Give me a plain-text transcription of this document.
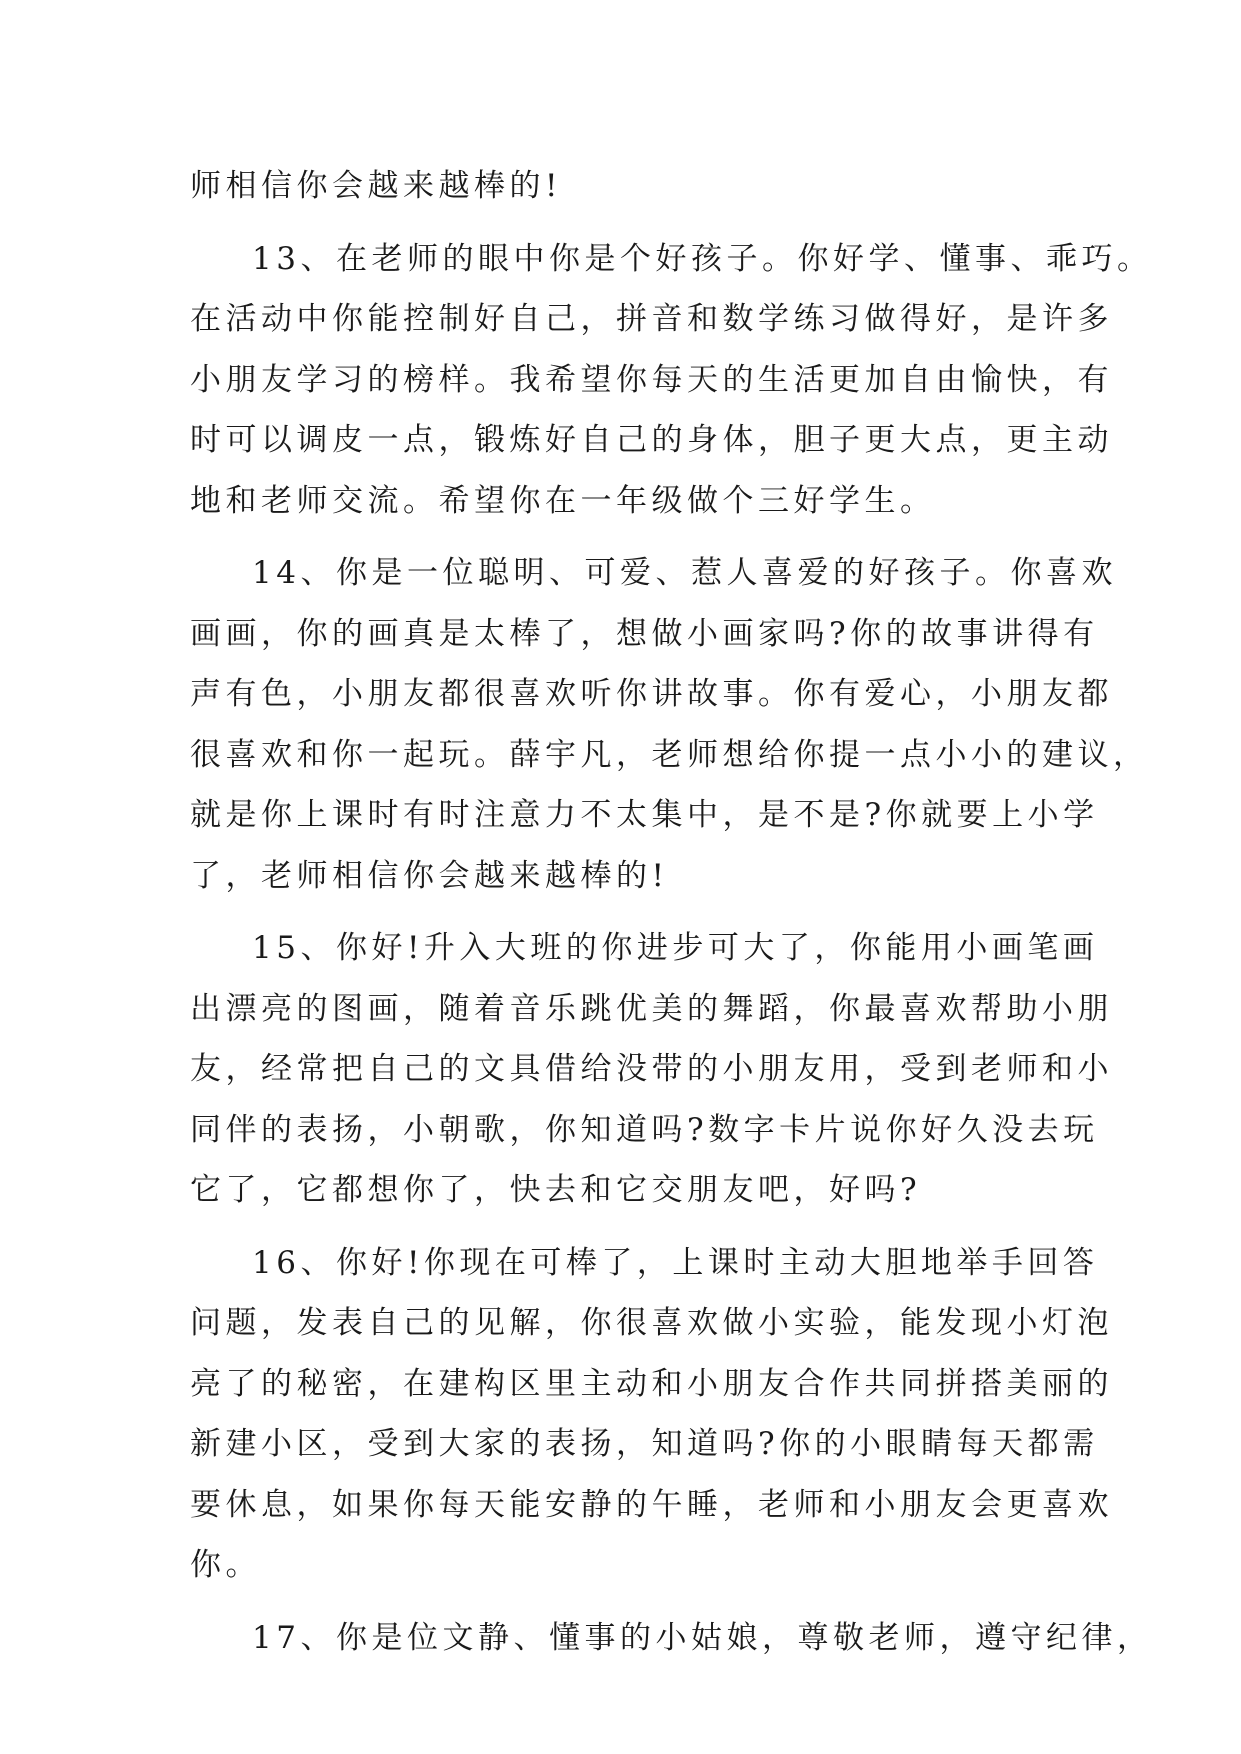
师相信你会越来越棒的!
13、在老师的眼中你是个好孩子。你好学、懂事、乖巧。
在活动中你能控制好自己，拼音和数学练习做得好，是许多
小朋友学习的榜样。我希望你每天的生活更加自由愉快，有
时可以调皮一点，锻炼好自己的身体，胆子更大点，更主动
地和老师交流。希望你在一年级做个三好学生。
14、你是一位聪明、可爱、惹人喜爱的好孩子。你喜欢
画画，你的画真是太棒了，想做小画家吗?你的故事讲得有
声有色，小朋友都很喜欢听你讲故事。你有爱心，小朋友都
很喜欢和你一起玩。薛宇凡，老师想给你提一点小小的建议，
就是你上课时有时注意力不太集中，是不是?你就要上小学
了，老师相信你会越来越棒的!
15、你好!升入大班的你进步可大了，你能用小画笔画
出漂亮的图画，随着音乐跳优美的舞蹈，你最喜欢帮助小朋
友，经常把自己的文具借给没带的小朋友用，受到老师和小
同伴的表扬，小朝歌，你知道吗?数字卡片说你好久没去玩
它了，它都想你了，快去和它交朋友吧，好吗?
16、你好!你现在可棒了，上课时主动大胆地举手回答
问题，发表自己的见解，你很喜欢做小实验，能发现小灯泡
亮了的秘密，在建构区里主动和小朋友合作共同拼搭美丽的
新建小区，受到大家的表扬，知道吗?你的小眼睛每天都需
要休息，如果你每天能安静的午睡，老师和小朋友会更喜欢
你。
17、你是位文静、懂事的小姑娘，尊敬老师，遵守纪律，
